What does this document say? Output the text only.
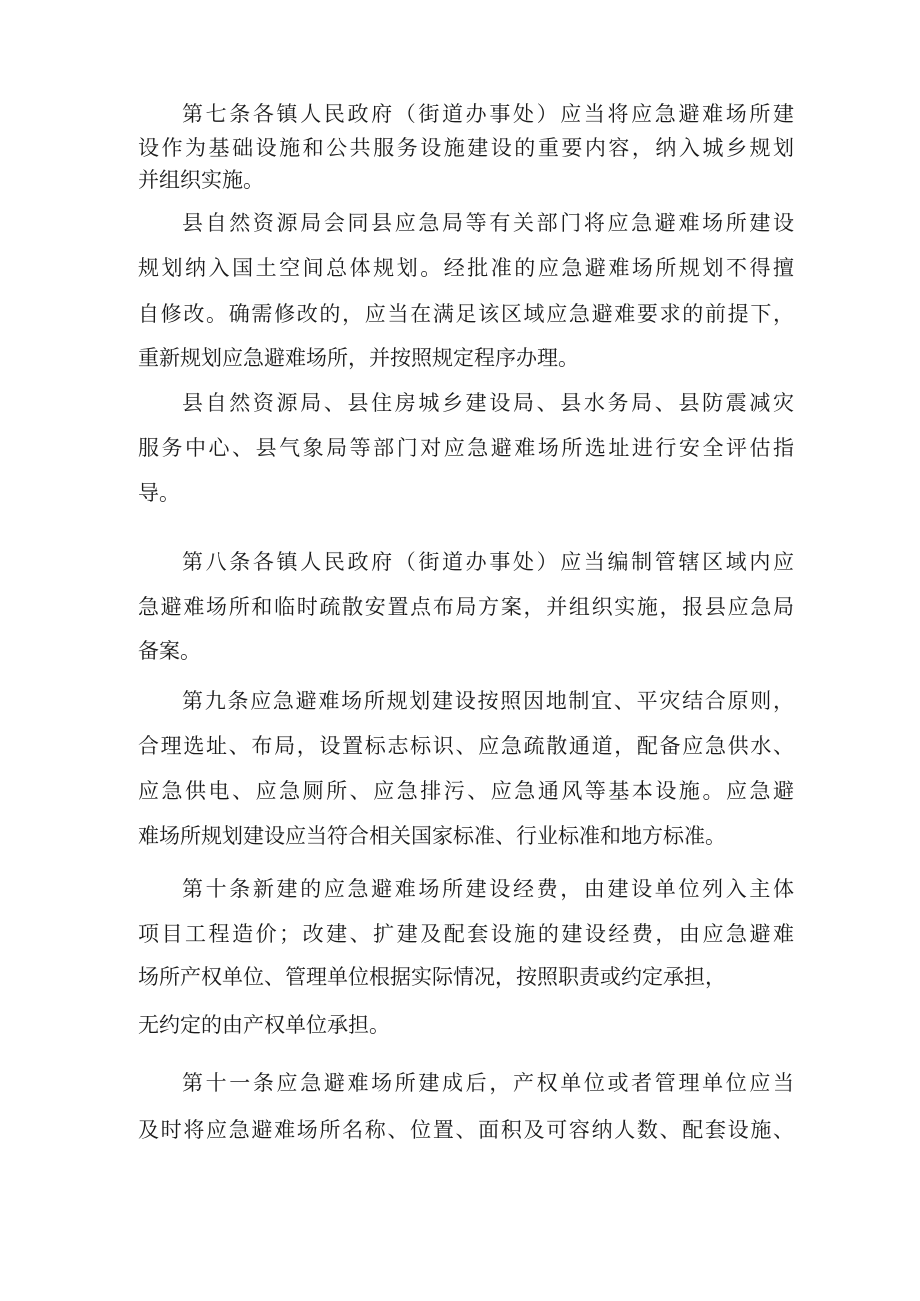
第七条各镇人民政府（街道办事处）应当将应急避难场所建
设作为基础设施和公共服务设施建设的重要内容，纳入城乡规划
并组织实施。
县自然资源局会同县应急局等有关部门将应急避难场所建设
规划纳入国土空间总体规划。经批准的应急避难场所规划不得擅
自修改。确需修改的，应当在满足该区域应急避难要求的前提下，
重新规划应急避难场所，并按照规定程序办理。
县自然资源局、县住房城乡建设局、县水务局、县防震减灾
服务中心、县气象局等部门对应急避难场所选址进行安全评估指
导。
第八条各镇人民政府（街道办事处）应当编制管辖区域内应
急避难场所和临时疏散安置点布局方案，并组织实施，报县应急局
备案。
第九条应急避难场所规划建设按照因地制宜、平灾结合原则，
合理选址、布局，设置标志标识、应急疏散通道，配备应急供水、
应急供电、应急厕所、应急排污、应急通风等基本设施。应急避
难场所规划建设应当符合相关国家标准、行业标准和地方标准。
第十条新建的应急避难场所建设经费，由建设单位列入主体
项目工程造价；改建、扩建及配套设施的建设经费，由应急避难
场所产权单位、管理单位根据实际情况，按照职责或约定承担，
无约定的由产权单位承担。
第十一条应急避难场所建成后，产权单位或者管理单位应当
及时将应急避难场所名称、位置、面积及可容纳人数、配套设施、
